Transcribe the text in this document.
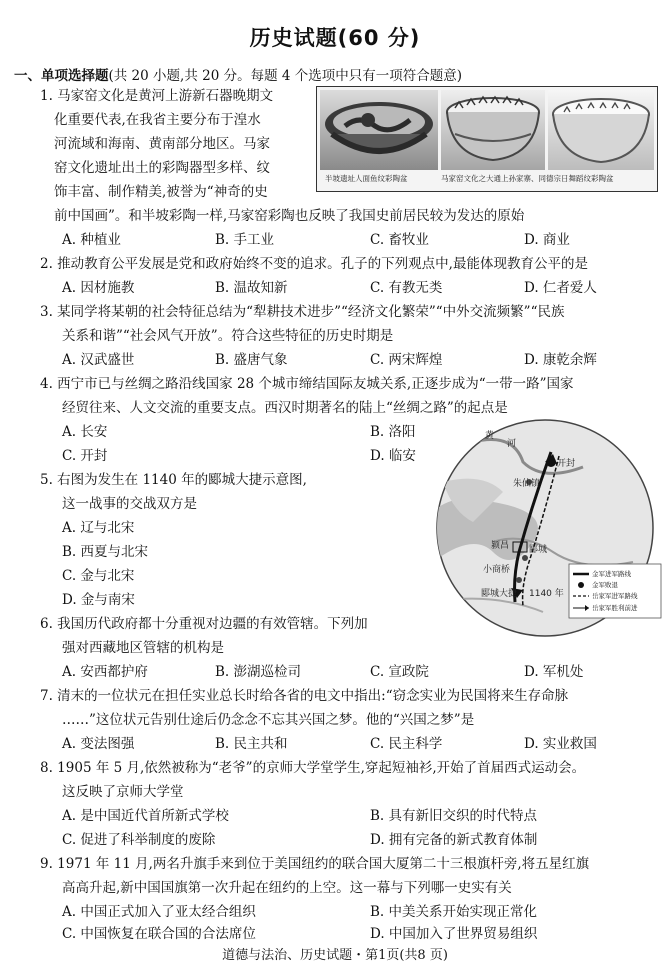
历史试题(60 分)
一、单项选择题(共 20 小题,共 20 分。每题 4 个选项中只有一项符合题意)
半坡遗址人面鱼纹彩陶盆	马家窑文化之大通上孙家寨、同德宗日舞蹈纹彩陶盆
1. 马家窑文化是黄河上游新石器晚期文
化重要代表,在我省主要分布于湟水
河流域和海南、黄南部分地区。马家
窑文化遗址出土的彩陶器型多样、纹
饰丰富、制作精美,被誉为“神奇的史
前中国画”。和半坡彩陶一样,马家窑彩陶也反映了我国史前居民较为发达的原始
A. 种植业	B. 手工业	C. 畜牧业	D. 商业
2. 推动教育公平发展是党和政府始终不变的追求。孔子的下列观点中,最能体现教育公平的是
A. 因材施教	B. 温故知新	C. 有教无类	D. 仁者爱人
3. 某同学将某朝的社会特征总结为“犁耕技术进步”“经济文化繁荣”“中外交流频繁”“民族
关系和谐”“社会风气开放”。符合这些特征的历史时期是
A. 汉武盛世	B. 盛唐气象	C. 两宋辉煌	D. 康乾余辉
4. 西宁市已与丝绸之路沿线国家 28 个城市缔结国际友城关系,正逐步成为“一带一路”国家
经贸往来、人文交流的重要支点。西汉时期著名的陆上“丝绸之路”的起点是
A. 长安	B. 洛阳
C. 开封	D. 临安
5. 右图为发生在 1140 年的郾城大捷示意图,
这一战事的交战双方是
A. 辽与北宋
B. 西夏与北宋
C. 金与北宋
D. 金与南宋
黄
河
朱仙镇
开封
颍昌 郾城
小商桥
郾城大捷 1140 年
金军进军路线
金军败退
岳家军进军路线
岳家军胜利前进
6. 我国历代政府都十分重视对边疆的有效管辖。下列加
强对西藏地区管辖的机构是
A. 安西都护府	B. 澎湖巡检司	C. 宣政院	D. 军机处
7. 清末的一位状元在担任实业总长时给各省的电文中指出:“窃念实业为民国将来生存命脉
……”这位状元告别仕途后仍念念不忘其兴国之梦。他的“兴国之梦”是
A. 变法图强	B. 民主共和	C. 民主科学	D. 实业救国
8. 1905 年 5 月,依然被称为“老爷”的京师大学堂学生,穿起短袖衫,开始了首届西式运动会。
这反映了京师大学堂
A. 是中国近代首所新式学校	B. 具有新旧交织的时代特点
C. 促进了科举制度的废除	D. 拥有完备的新式教育体制
9. 1971 年 11 月,两名升旗手来到位于美国纽约的联合国大厦第二十三根旗杆旁,将五星红旗
高高升起,新中国国旗第一次升起在纽约的上空。这一幕与下列哪一史实有关
A. 中国正式加入了亚太经合组织	B. 中美关系开始实现正常化
C. 中国恢复在联合国的合法席位	D. 中国加入了世界贸易组织
道德与法治、历史试题・第1页(共8 页)
